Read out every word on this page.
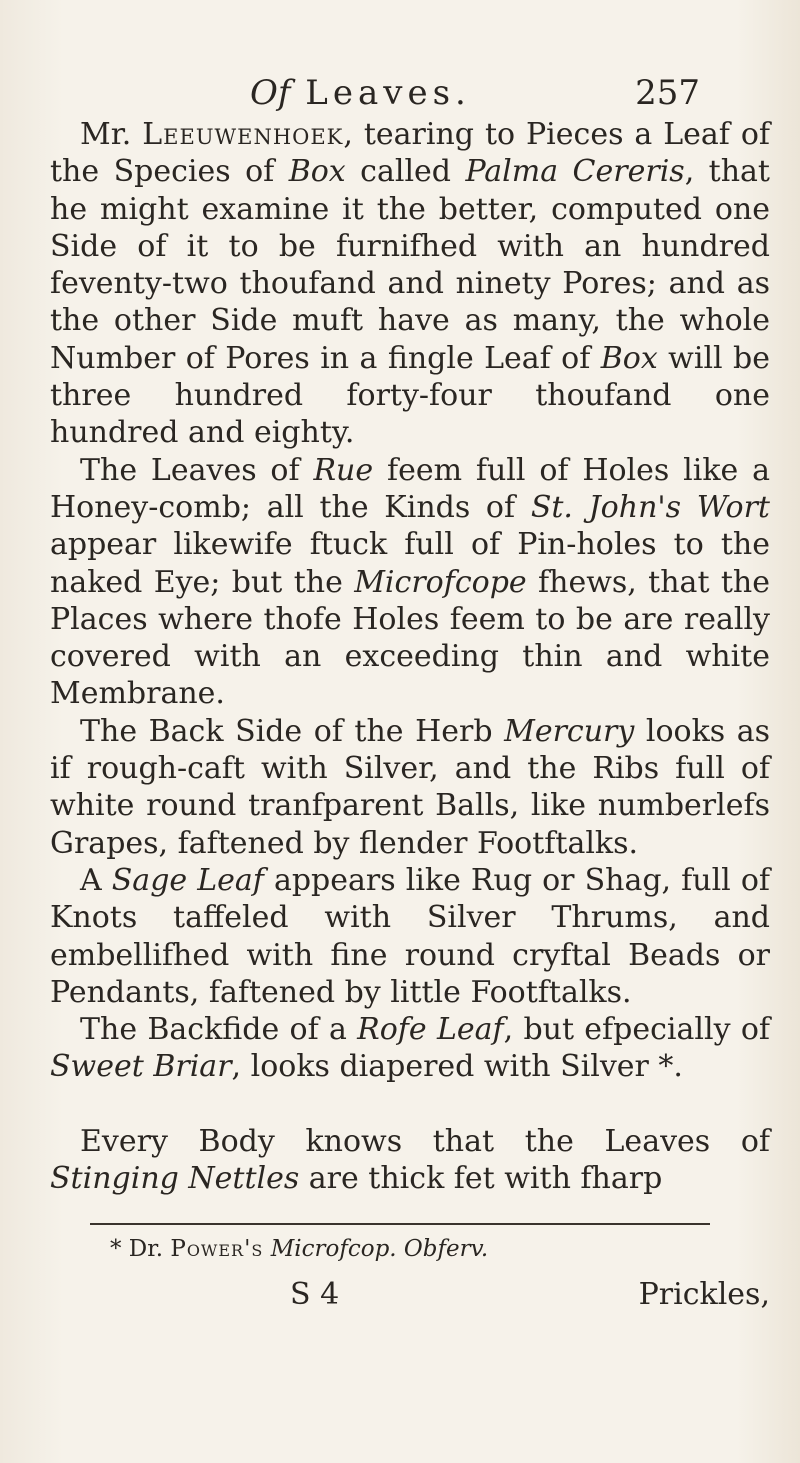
Of Leaves.	257
Mr. Leeuwenhoek, tearing to Pieces a Leaf of the Species of Box called Palma Cereris, that he might examine it the better, computed one Side of it to be furnifhed with an hundred feventy-two thoufand and ninety Pores; and as the other Side muft have as many, the whole Number of Pores in a fingle Leaf of Box will be three hundred forty-four thoufand one hundred and eighty.
The Leaves of Rue feem full of Holes like a Honey-comb; all the Kinds of St. John's Wort appear likewife ftuck full of Pin-holes to the naked Eye; but the Microfcope fhews, that the Places where thofe Holes feem to be are really covered with an exceeding thin and white Membrane.
The Back Side of the Herb Mercury looks as if rough-caft with Silver, and the Ribs full of white round tranfparent Balls, like numberlefs Grapes, faftened by flender Footftalks.
A Sage Leaf appears like Rug or Shag, full of Knots taffeled with Silver Thrums, and embellifhed with fine round cryftal Beads or Pendants, faftened by little Footftalks.
The Backfide of a Rofe Leaf, but efpecially of Sweet Briar, looks diapered with Silver *.
Every Body knows that the Leaves of Stinging Nettles are thick fet with fharp
* Dr. Power's Microfcop. Obferv.
S 4	Prickles,
